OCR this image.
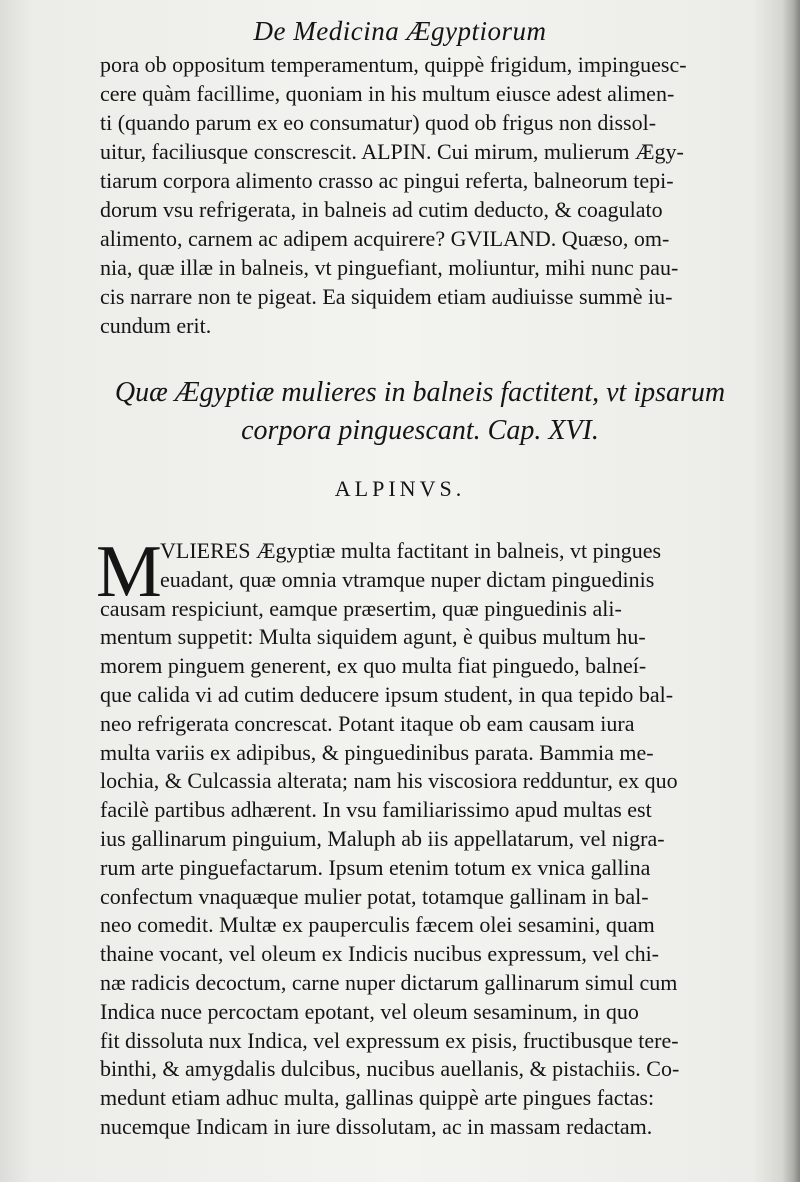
De Medicina Ægyptiorum
pora ob oppositum temperamentum, quippè frigidum, impinguesc-
cere quàm facillime, quoniam in his multum eiusce adest alimen-
ti (quando parum ex eo consumatur) quod ob frigus non dissol-
uitur, faciliusque conscrescit. ALPIN. Cui mirum, mulierum Ægy-
tiarum corpora alimento crasso ac pingui referta, balneorum tepi-
dorum vsu refrigerata, in balneis ad cutim deducto, & coagulato
alimento, carnem ac adipem acquirere? GVILAND. Quæso, om-
nia, quæ illæ in balneis, vt pinguefiant, moliuntur, mihi nunc pau-
cis narrare non te pigeat. Ea siquidem etiam audiuisse summè iu-
cundum erit.
Quæ Ægyptiæ mulieres in balneis factitent, vt ipsarum
corpora pinguescant. Cap. XVI.
ALPINVS.
M
VLIERES Ægyptiæ multa factitant in balneis, vt pingues
euadant, quæ omnia vtramque nuper dictam pinguedinis
causam respiciunt, eamque præsertim, quæ pinguedinis ali-
mentum suppetit: Multa siquidem agunt, è quibus multum hu-
morem pinguem generent, ex quo multa fiat pinguedo, balneí-
que calida vi ad cutim deducere ipsum student, in qua tepido bal-
neo refrigerata concrescat. Potant itaque ob eam causam iura
multa variis ex adipibus, & pinguedinibus parata. Bammia me-
lochia, & Culcassia alterata; nam his viscosiora redduntur, ex quo
facilè partibus adhærent. In vsu familiarissimo apud multas est
ius gallinarum pinguium, Maluph ab iis appellatarum, vel nigra-
rum arte pinguefactarum. Ipsum etenim totum ex vnica gallina
confectum vnaquæque mulier potat, totamque gallinam in bal-
neo comedit. Multæ ex pauperculis fæcem olei sesamini, quam
thaine vocant, vel oleum ex Indicis nucibus expressum, vel chi-
næ radicis decoctum, carne nuper dictarum gallinarum simul cum
Indica nuce percoctam epotant, vel oleum sesaminum, in quo
fit dissoluta nux Indica, vel expressum ex pisis, fructibusque tere-
binthi, & amygdalis dulcibus, nucibus auellanis, & pistachiis. Co-
medunt etiam adhuc multa, gallinas quippè arte pingues factas:
nucemque Indicam in iure dissolutam, ac in massam redactam.
